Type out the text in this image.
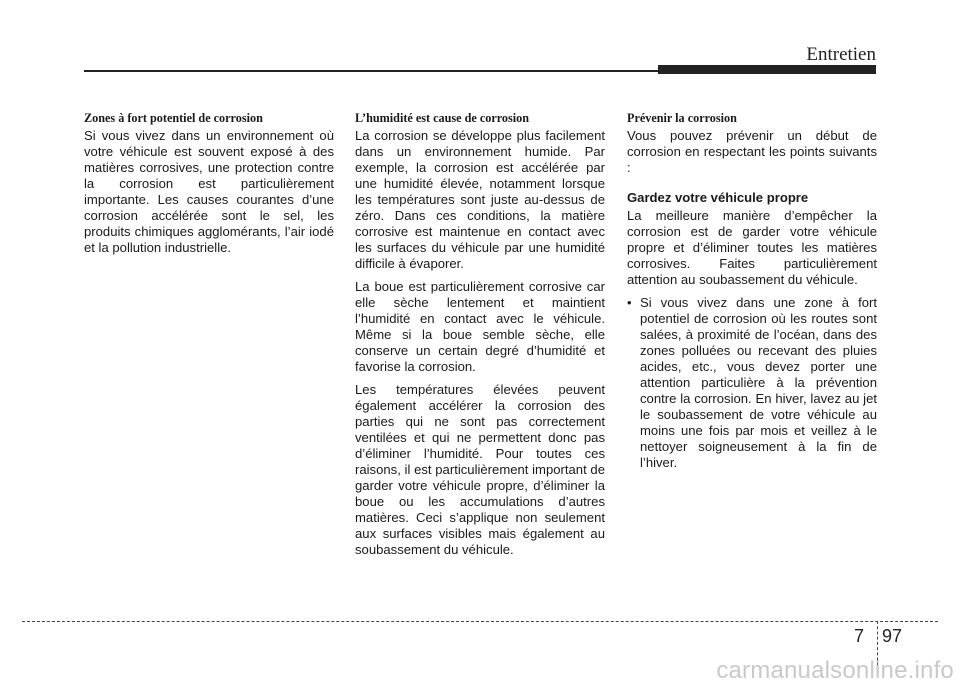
Entretien
Zones à fort potentiel de corrosion

Si vous vivez dans un environnement où votre véhicule est souvent exposé à des matières corrosives, une protection contre la corrosion est particulièrement importante. Les causes courantes d’une corrosion accélérée sont le sel, les produits chimiques agglomérants, l’air iodé et la pollution industrielle.

L’humidité est cause de corrosion

La corrosion se développe plus facilement dans un environnement humide. Par exemple, la corrosion est accélérée par une humidité élevée, notamment lorsque les températures sont juste au-dessus de zéro. Dans ces conditions, la matière corrosive est maintenue en contact avec les surfaces du véhicule par une humidité difficile à évaporer.

La boue est particulièrement corrosive car elle sèche lentement et maintient l’humidité en contact avec le véhicule. Même si la boue semble sèche, elle conserve un certain degré d’humidité et favorise la corrosion.

Les températures élevées peuvent également accélérer la corrosion des parties qui ne sont pas correctement ventilées et qui ne permettent donc pas d’éliminer l’humidité. Pour toutes ces raisons, il est particulièrement important de garder votre véhicule propre, d’éliminer la boue ou les accumulations d’autres matières. Ceci s’applique non seulement aux surfaces visibles mais également au soubassement du véhicule.

Prévenir la corrosion

Vous pouvez prévenir un début de corrosion en respectant les points suivants :

Gardez votre véhicule propre

La meilleure manière d’empêcher la corrosion est de garder votre véhicule propre et d’éliminer toutes les matières corrosives. Faites particulièrement attention au soubassement du véhicule.

• Si vous vivez dans une zone à fort potentiel de corrosion où les routes sont salées, à proximité de l’océan, dans des zones polluées ou recevant des pluies acides, etc., vous devez porter une attention particulière à la prévention contre la corrosion. En hiver, lavez au jet le soubassement de votre véhicule au moins une fois par mois et veillez à le nettoyer soigneusement à la fin de l’hiver.
7 97
carmanualsonline.info
